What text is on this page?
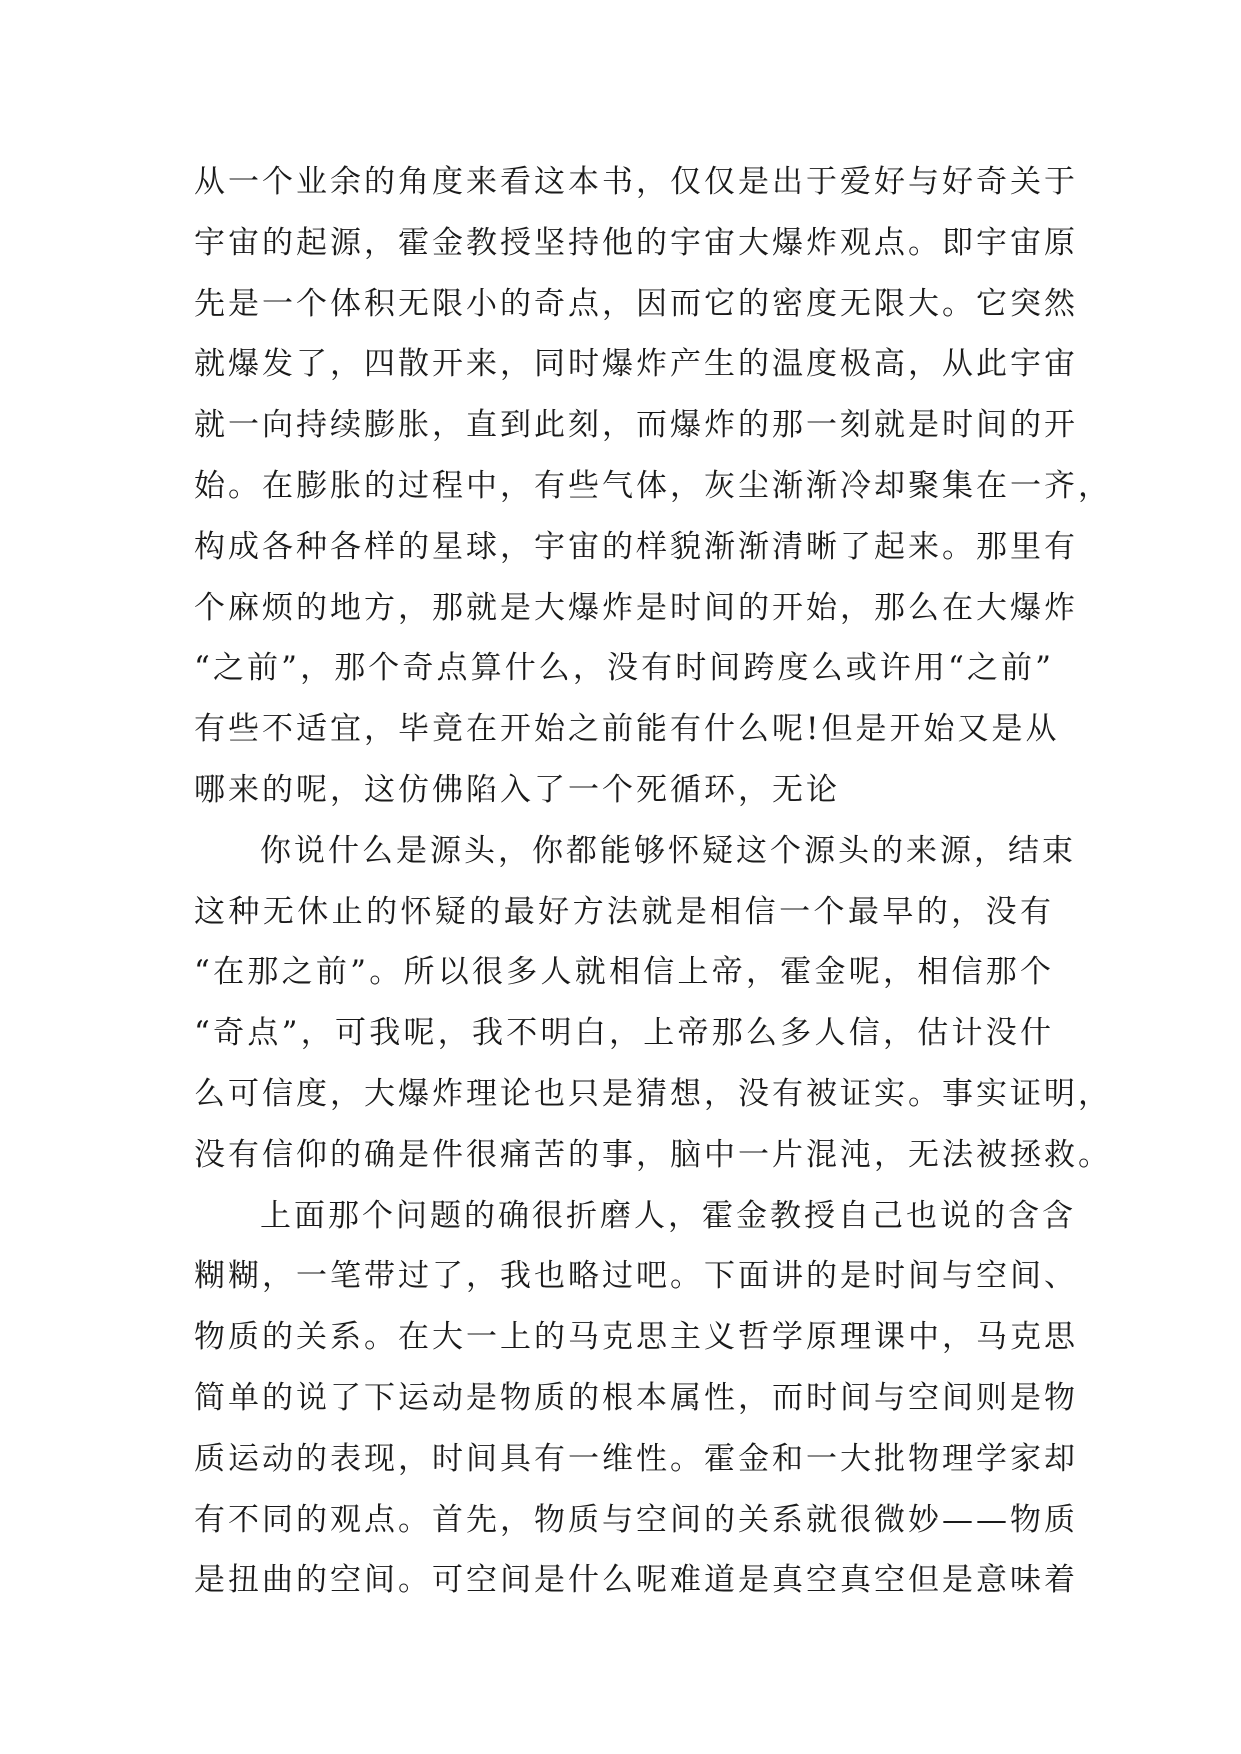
从一个业余的角度来看这本书，仅仅是出于爱好与好奇关于
宇宙的起源，霍金教授坚持他的宇宙大爆炸观点。即宇宙原
先是一个体积无限小的奇点，因而它的密度无限大。它突然
就爆发了，四散开来，同时爆炸产生的温度极高，从此宇宙
就一向持续膨胀，直到此刻，而爆炸的那一刻就是时间的开
始。在膨胀的过程中，有些气体，灰尘渐渐冷却聚集在一齐，
构成各种各样的星球，宇宙的样貌渐渐清晰了起来。那里有
个麻烦的地方，那就是大爆炸是时间的开始，那么在大爆炸
“之前”，那个奇点算什么，没有时间跨度么或许用“之前”
有些不适宜，毕竟在开始之前能有什么呢!但是开始又是从
哪来的呢，这仿佛陷入了一个死循环，无论
你说什么是源头，你都能够怀疑这个源头的来源，结束
这种无休止的怀疑的最好方法就是相信一个最早的，没有
“在那之前”。所以很多人就相信上帝，霍金呢，相信那个
“奇点”，可我呢，我不明白，上帝那么多人信，估计没什
么可信度，大爆炸理论也只是猜想，没有被证实。事实证明，
没有信仰的确是件很痛苦的事，脑中一片混沌，无法被拯救。
上面那个问题的确很折磨人，霍金教授自己也说的含含
糊糊，一笔带过了，我也略过吧。下面讲的是时间与空间、
物质的关系。在大一上的马克思主义哲学原理课中，马克思
简单的说了下运动是物质的根本属性，而时间与空间则是物
质运动的表现，时间具有一维性。霍金和一大批物理学家却
有不同的观点。首先，物质与空间的关系就很微妙——物质
是扭曲的空间。可空间是什么呢难道是真空真空但是意味着
